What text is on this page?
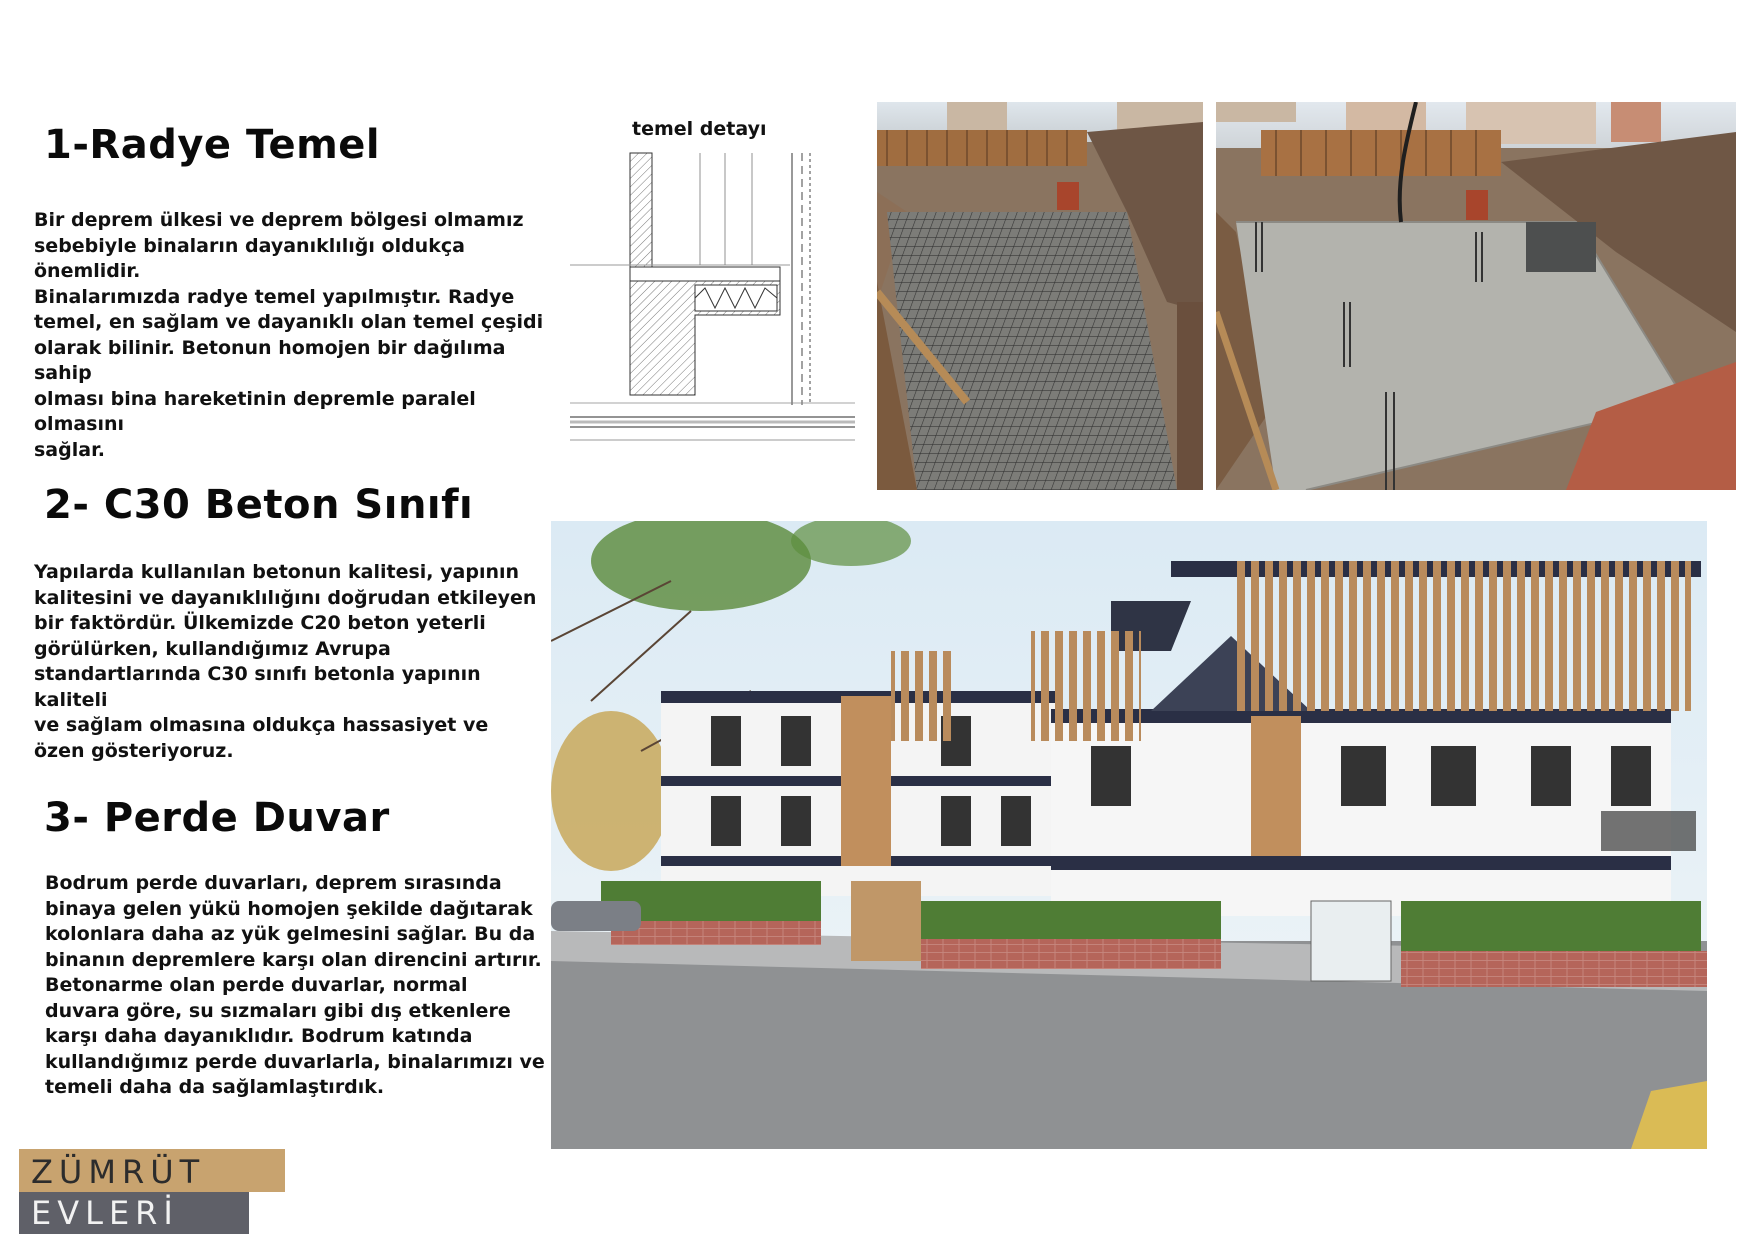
1-Radye Temel
Bir deprem ülkesi ve deprem bölgesi olmamız
sebebiyle binaların dayanıklılığı oldukça
önemlidir.
Binalarımızda radye temel yapılmıştır. Radye
temel, en sağlam ve dayanıklı olan temel çeşidi
olarak bilinir. Betonun homojen bir dağılıma sahip
olması bina hareketinin depremle paralel olmasını
sağlar.
2- C30 Beton Sınıfı
Yapılarda kullanılan betonun kalitesi, yapının
kalitesini ve dayanıklılığını doğrudan etkileyen
bir faktördür. Ülkemizde C20 beton yeterli
görülürken, kullandığımız Avrupa
standartlarında C30 sınıfı betonla yapının kaliteli
ve sağlam olmasına oldukça hassasiyet ve
özen gösteriyoruz.
3- Perde Duvar
Bodrum perde duvarları, deprem sırasında
binaya gelen yükü homojen şekilde dağıtarak
kolonlara daha az yük gelmesini sağlar. Bu da
binanın depremlere karşı olan direncini artırır.
Betonarme olan perde duvarlar, normal
duvara göre, su sızmaları gibi dış etkenlere
karşı daha dayanıklıdır. Bodrum katında
kullandığımız perde duvarlarla, binalarımızı ve
temeli daha da sağlamlaştırdık.
temel detayı
ZÜMRÜT
EVLERİ
